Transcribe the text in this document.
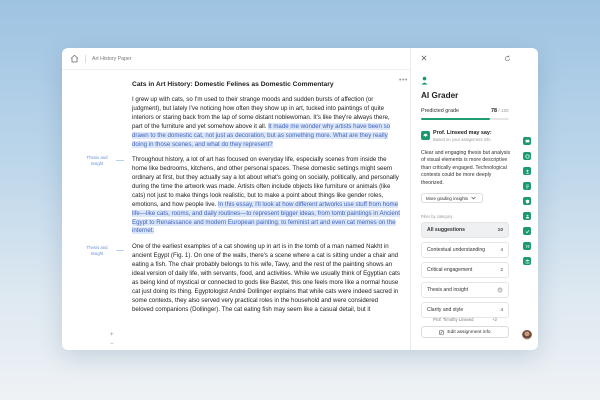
Art History Paper
Thesis and Insight
Thesis and Insight
+
−
•••
Cats in Art History: Domestic Felines as Domestic Commentary

I grew up with cats, so I'm used to their strange moods and sudden bursts of affection (or judgment), but lately I've noticing how often they show up in art, tucked into paintings of quite interiors or staring back from the lap of some distant noblewoman. It's like they're always there, part of the furniture and yet somehow above it all. It made me wonder why artists have been so drawn to the domestic cat, not just as decoration, but as something more. What are they really doing in those scenes, and what do they represent?

Throughout history, a lot of art has focused on everyday life, especially scenes from inside the home like bedrooms, kitchens, and other personal spaces. These domestic settings might seem ordinary at first, but they actually say a lot about what's going on socially, politically, and personally during the time the artwork was made. Artists often include objects like furniture or animals (like cats) not just to make things look realistic, but to make a point about things like gender roles, emotions, and how people live. In this essay, I'll look at how different artworks use stuff from home life—like cats, rooms, and daily routines—to represent bigger ideas, from tomb paintings in Ancient Egypt to Renaissance and modern European painting, to feminist art and even cat memes on the internet.

One of the earliest examples of a cat showing up in art is in the tomb of a man named Nakht in ancient Egypt (Fig. 1). On one of the walls, there's a scene where a cat is sitting under a chair and eating a fish. The chair probably belongs to his wife, Tawy, and the rest of the painting shows an ideal version of daily life, with servants, food, and activities. While we usually think of Egyptian cats as being kind of mystical or connected to gods like Bastet, this one feels more like a normal house cat just doing its thing. Egyptologist André Dollinger explains that while cats were indeed sacred in some contexts, they also served very practical roles in the household and were considered beloved companions (Dollinger). The cat eating fish may seem like a casual detail, but it

AI Grader
Predicted grade	78 / 100
Prof. Linseed may say:
Based on your assignment info
Clear and engaging thesis but analysis of visual elements is more descriptive than critically engaged. Technological contexts could be more deeply theorized.
More grading insights
Filter by category
All suggestions	10
Contextual understanding	4
Critical engagement	2
Thesis and insight
Clarity and style	4
Prof. Timothy Linseed	+2
Edit assignment info
